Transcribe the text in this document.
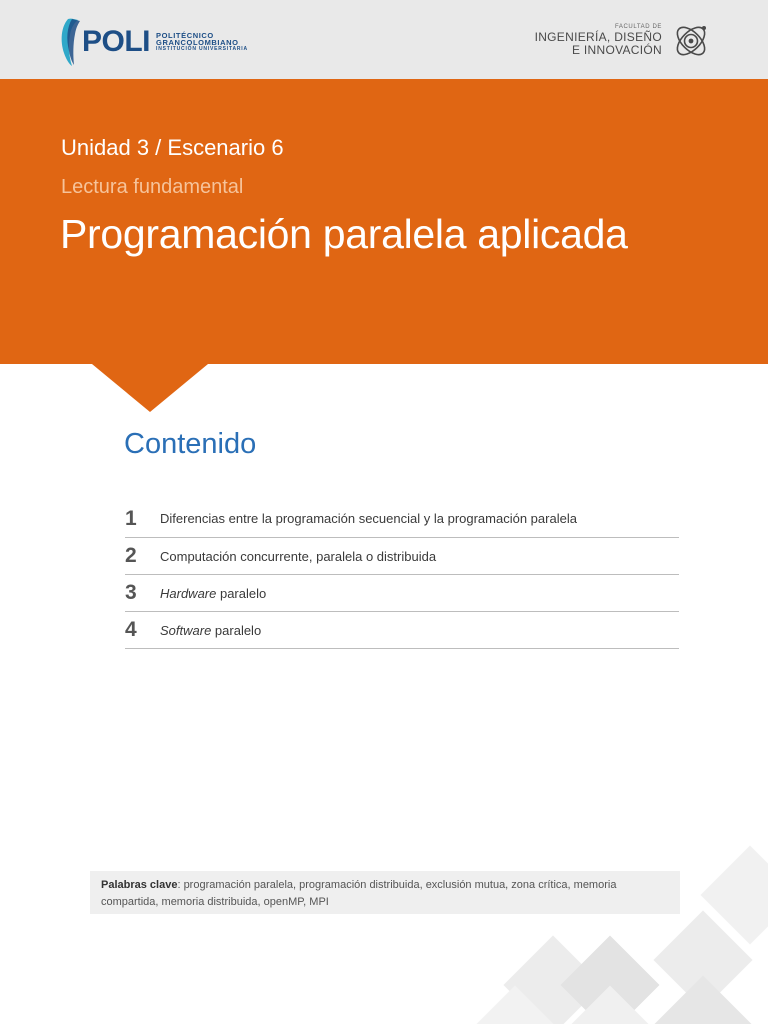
POLI POLITÉCNICO
GRANCOLOMBIANO
INSTITUCIÓN UNIVERSITARIA
FACULTAD DE
INGENIERÍA, DISEÑO
E INNOVACIÓN
Unidad 3 / Escenario 6
Lectura fundamental
Programación paralela aplicada
Contenido
1	Diferencias entre la programación secuencial y la programación paralela
2	Computación concurrente, paralela o distribuida
3	Hardware paralelo
4	Software paralelo
Palabras clave: programación paralela, programación distribuida, exclusión mutua, zona crítica, memoria compartida, memoria distribuida, openMP, MPI
